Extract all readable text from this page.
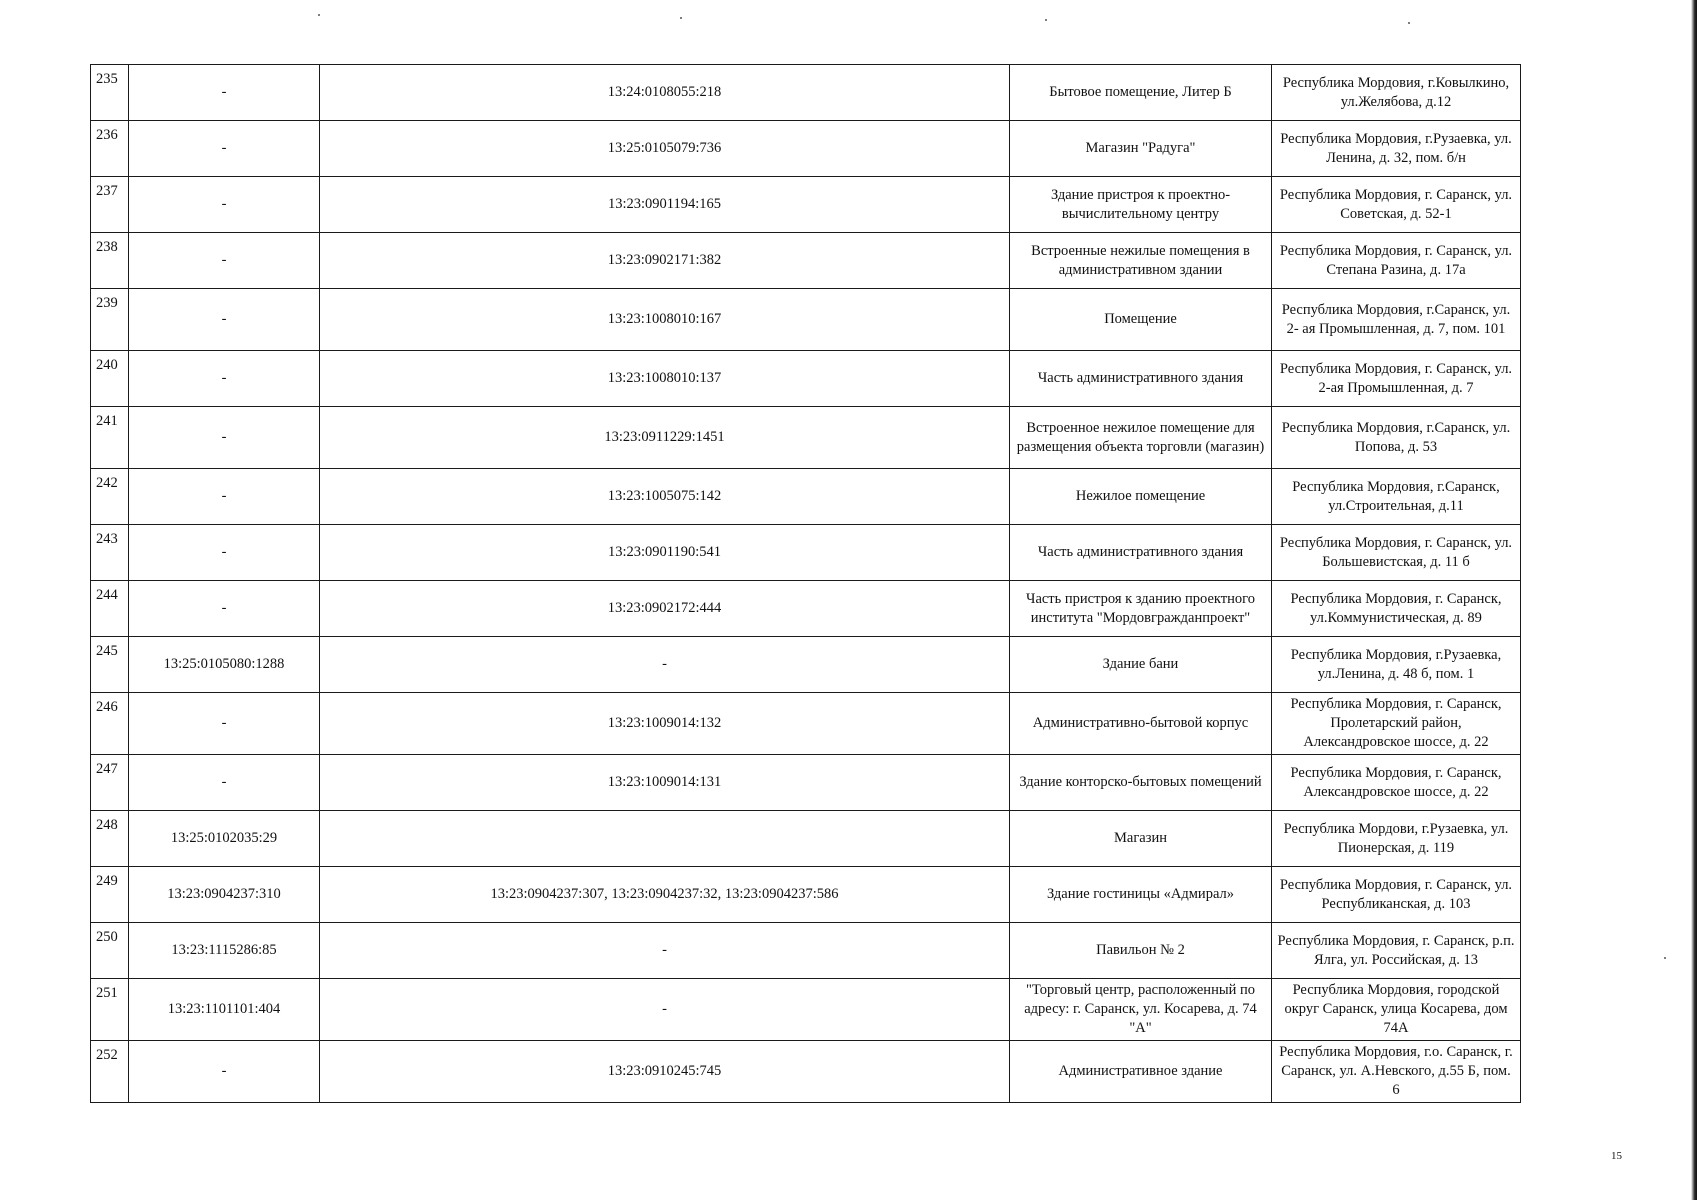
235	-	13:24:0108055:218	Бытовое помещение, Литер Б	Республика Мордовия, г.Ковылкино, ул.Желябова, д.12
236	-	13:25:0105079:736	Магазин "Радуга"	Республика Мордовия, г.Рузаевка, ул. Ленина, д. 32, пом. б/н
237	-	13:23:0901194:165	Здание пристроя к проектно-вычислительному центру	Республика Мордовия, г. Саранск, ул. Советская, д. 52-1
238	-	13:23:0902171:382	Встроенные нежилые помещения в административном здании	Республика Мордовия, г. Саранск, ул. Степана Разина, д. 17а
239	-	13:23:1008010:167	Помещение	Республика Мордовия, г.Саранск, ул. 2- ая Промышленная, д. 7, пом. 101
240	-	13:23:1008010:137	Часть административного здания	Республика Мордовия, г. Саранск, ул. 2-ая Промышленная, д. 7
241	-	13:23:0911229:1451	Встроенное нежилое помещение для размещения объекта торговли (магазин)	Республика Мордовия, г.Саранск, ул. Попова, д. 53
242	-	13:23:1005075:142	Нежилое помещение	Республика Мордовия, г.Саранск, ул.Строительная, д.11
243	-	13:23:0901190:541	Часть административного здания	Республика Мордовия, г. Саранск, ул. Большевистская, д. 11 б
244	-	13:23:0902172:444	Часть пристроя к зданию проектного института "Мордовгражданпроект"	Республика Мордовия, г. Саранск, ул.Коммунистическая, д. 89
245	13:25:0105080:1288	-	Здание бани	Республика Мордовия, г.Рузаевка, ул.Ленина, д. 48 б, пом. 1
246	-	13:23:1009014:132	Административно-бытовой корпус	Республика Мордовия, г. Саранск, Пролетарский район, Александровское шоссе, д. 22
247	-	13:23:1009014:131	Здание конторско-бытовых помещений	Республика Мордовия, г. Саранск, Александровское шоссе, д. 22
248	13:25:0102035:29		Магазин	Республика Мордови, г.Рузаевка, ул. Пионерская, д. 119
249	13:23:0904237:310	13:23:0904237:307, 13:23:0904237:32, 13:23:0904237:586	Здание гостиницы «Адмирал»	Республика Мордовия, г. Саранск, ул. Республиканская, д. 103
250	13:23:1115286:85	-	Павильон № 2	Республика Мордовия, г. Саранск, р.п. Ялга, ул. Российская, д. 13
251	13:23:1101101:404	-	"Торговый центр, расположенный по адресу: г. Саранск, ул. Косарева, д. 74 "А"	Республика Мордовия, городской округ Саранск, улица Косарева, дом 74А
252	-	13:23:0910245:745	Административное здание	Республика Мордовия, г.о. Саранск, г. Саранск, ул. А.Невского, д.55 Б, пом. 6
15
